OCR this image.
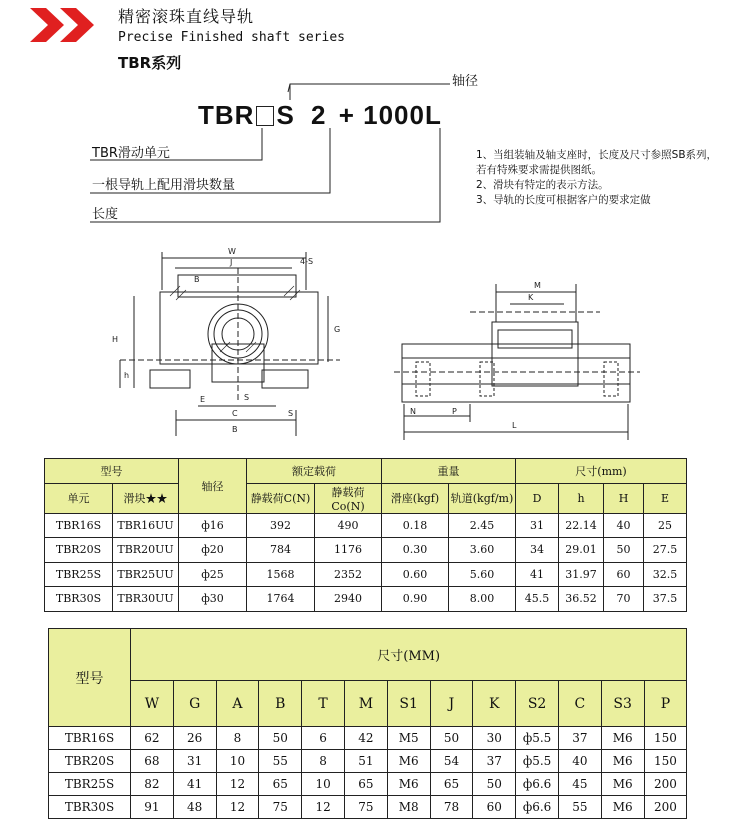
精密滚珠直线导轨
Precise Finished shaft series
TBR系列
TBR S 2 + 1000L
轴径
TBR滑动单元
一根导轨上配用滑块数量
长度
1、当组装轴及轴支座时，长度及尺寸参照SB系列，若有特殊要求需提供图纸。
2、滑块有特定的表示方法。
3、导轨的长度可根据客户的要求定做
W
J
B
4-S
G
H
h
E
C
B
S
S
M
K
N	P
L
型号		轴径	额定载荷		重量		尺寸(mm)			
单元	滑块★★		静载荷C(N)	静载荷Co(N)	滑座(kgf)	轨道(kgf/m)	D	h	H	E
TBR16S	TBR16UU	ф16	392	490	0.18	2.45	31	22.14	40	25
TBR20S	TBR20UU	ф20	784	1176	0.30	3.60	34	29.01	50	27.5
TBR25S	TBR25UU	ф25	1568	2352	0.60	5.60	41	31.97	60	32.5
TBR30S	TBR30UU	ф30	1764	2940	0.90	8.00	45.5	36.52	70	37.5
型号	尺寸(MM)												
	W	G	A	B	T	M	S1	J	K	S2	C	S3	P
TBR16S	62	26	8	50	6	42	M5	50	30	ф5.5	37	M6	150
TBR20S	68	31	10	55	8	51	M6	54	37	ф5.5	40	M6	150
TBR25S	82	41	12	65	10	65	M6	65	50	ф6.6	45	M6	200
TBR30S	91	48	12	75	12	75	M8	78	60	ф6.6	55	M6	200
